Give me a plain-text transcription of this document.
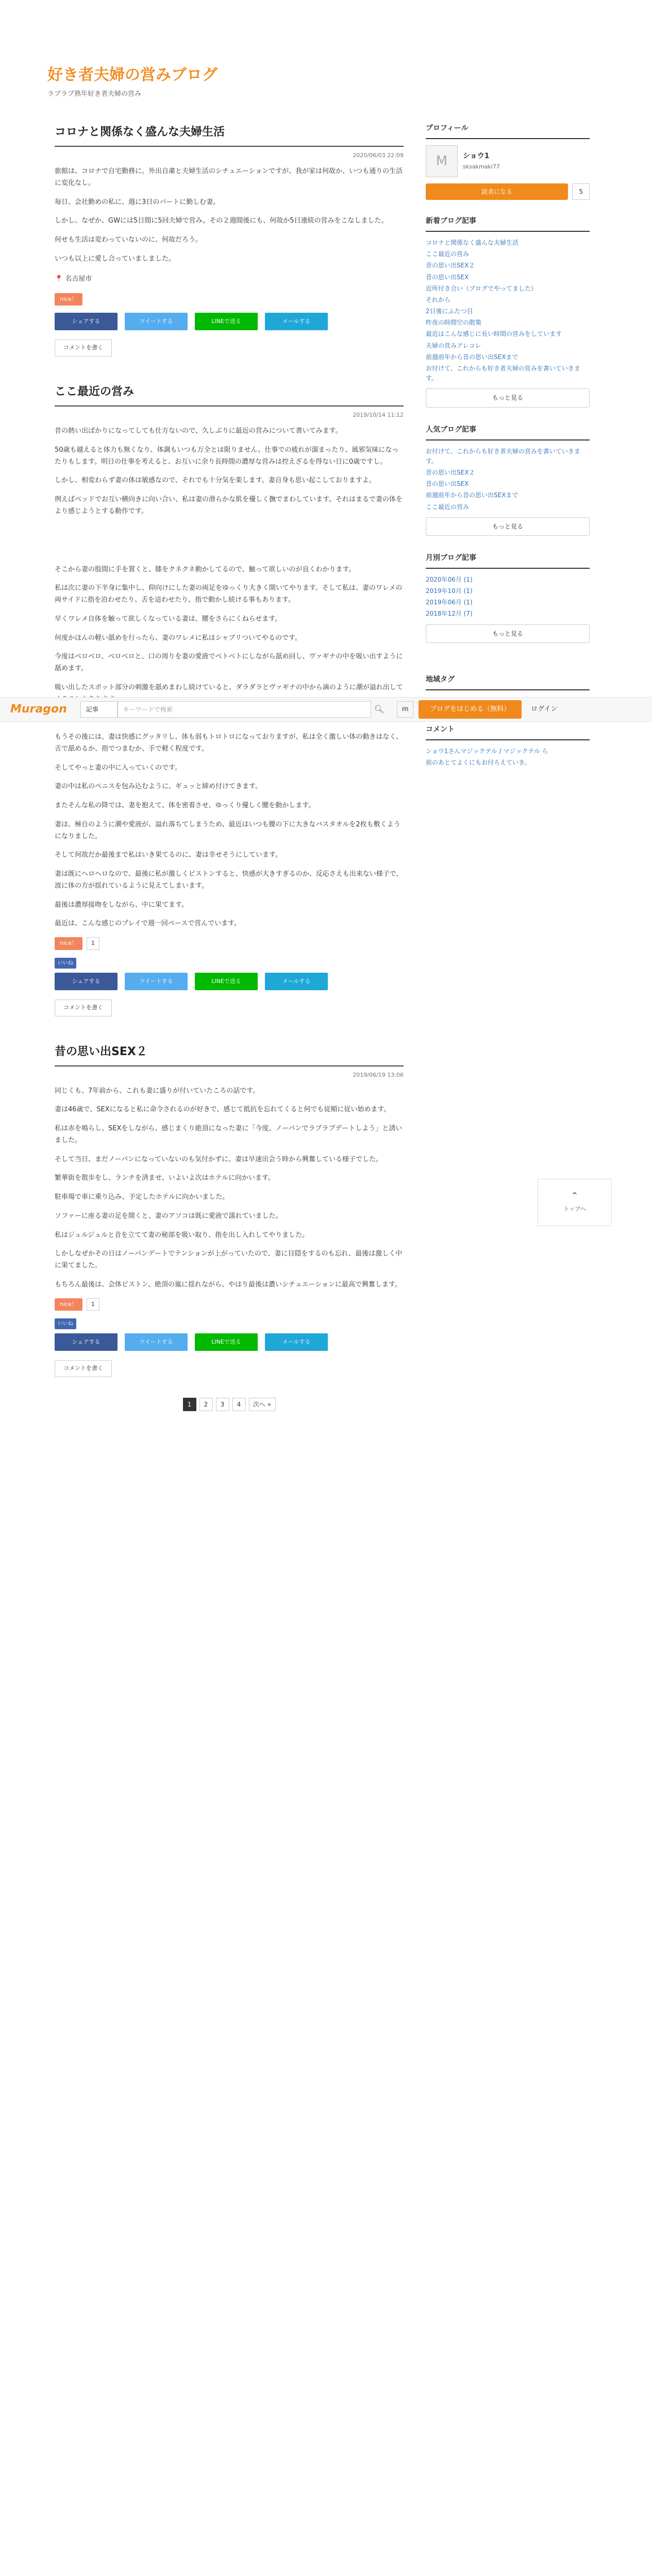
好き者夫婦の営みブログ
ラブラブ熟年好き者夫婦の営み
コロナと関係なく盛んな夫婦生活
2020/06/03 22:09

旅館は、コロナで自宅勤務に。外出自粛と夫婦生活のシチュエーションですが、我が家は何故か、いつも通りの生活に変化なし。

毎日、会社勤めの私に、週に3日のパートに勤しむ妻。

しかし、なぜか、GWには5日間に5回夫婦で営み。その２週間後にも、何故か5日連続の営みをこなしました。

何せも生活は変わっていないのに、何故だろう。

いつも以上に愛し合っていましました。

📍 名古屋市
nice！
シェアする	ツイートする	LINEで送る	メールする
コメントを書く
ここ最近の営み
2019/10/14 11:12

昔の熱い出ばかりになってしても仕方ないので、久しぶりに最近の営みについて書いてみます。

50歳も越えると体力も無くなり、体調もいつも万全とは限りません。仕事での疲れが溜まったり、風邪気味になったりもします。明日の仕事を考えると、お互いに余り長時間の濃厚な営みは控えざるを得ない日に0歳ですし。

しかし、相変わらず妻の体は敏感なので、それでも十分気を楽します。妻自身も思い起こしておりますよ。

例えばベッドでお互い横向きに向い合い、私は妻の滑らかな肌を優しく撫でまわしています。それはまるで妻の体をより感じようとする動作です。

そこから妻の股間に手を置くと、膝をクネクネ動かしてるので、触って欲しいのが良くわかります。

私は次に妻の下半身に集中し、仰向けにした妻の両足をゆっくり大きく開いてやります。そして私は、妻のワレメの両サイドに指を沿わせたり、舌を這わせたり、指で動かし続ける事もあります。

早くワレメ自体を触って欲しくなっている妻は、腰をさらにくねらせます。

何度かほんの軽い舐めを行ったら、妻のワレメに私はシャブリついてやるのです。

今度はベロベロ、ベロベロと、口の周りを妻の愛液でベトベトにしながら舐め回し、ヴァギナの中を吸い出すように舐めます。

吸い出したスポット部分の刺激を舐めまわし続けていると、ダラダラとヴァギナの中から滴のように潮が溢れ出して

もうその後には、妻は快感にグッタリし、体も弱もトロトロになっておりますが、私は全く激しい体の動きはなく、舌で舐めるか、指でつまむか、手で軽く程度です。

そしてやっと妻の中に入っていくのです。

妻の中は私のペニスを包み込むように、ギュッと締め付けてきます。

またそんな私の降では、妻を抱えて、体を密着させ、ゆっくり優しく腰を動かします。

妻は、極自のように潮や愛液が、溢れ落ちてしまうため、最近はいつも腰の下に大きなバスタオルを2枚も敷くようになりました。

そして何故だか最後まで私はいき果てるのに、妻は幸せそうにしています。

妻は既にヘロヘロなので、最後に私が激しくピストンすると、快感が大きすぎるのか、反応さえも出来ない様子で、波に体の方が揺れているように見えてしまいます。

最後は濃厚接吻をしながら、中に果てます。

最近は、こんな感じのプレイで週一回ペースで営んでいます。

nice！	1
いいね
シェアする	ツイートする	LINEで送る	メールする
コメントを書く
昔の思い出SEX２
2019/06/19 13:06

同じくも、7年前から、これも妻に盛りが付いていたころの話です。

妻は46歳で、SEXになると私に命令されるのが好きで、感じて抵抗を忘れてくると何でも従順に従い始めます。

私は赤を鳴らし、SEXをしながら、感じまくり絶頂になった妻に「今度、ノーパンでラブラブデートしよう」と誘いました。

そして当日、まだノーパンになっていないのも気付かずに、妻は早速出会う時から興奮している様子でした。

繁華街を散歩をし、ランチを済ませ、いよいよ次はホテルに向かいます。

駐車場で車に乗り込み、予定したホテルに向かいました。

ソファーに座る妻の足を開くと、妻のアソコは既に愛液で濡れていました。

私はジュルジュルと音を立てて妻の秘部を吸い取り、指を出し入れしてやりました。

しかしなぜかその日はノーパンデートでテンションが上がっていたので、妻に目隠をするのも忘れ、最後は激しく中に果てました。

もちろん最後は、会体ピストン、絶頂の嵐に揺れながら、やはり最後は濃いシチュエーションに最高で興奮します。

nice！	1
いいね
シェアする	ツイートする	LINEで送る	メールする
コメントを書く
1	2	3	4	次へ »
プロフィール
M	ショウ1
sksakmaki77
読者になる	5
新着ブログ記事
コロナと関係なく盛んな夫婦生活
ここ最近の営み
昔の思い出SEX２
昔の思い出SEX
近所付き合い（ブログでやってました）
それから
2日後にふたつ目
昨夜の時間空の散策
最近はこんな感じに長い時間の営みをしています
夫婦の営みアレコレ
前週前年から昔の思い出SEXまで
お付けて、これからも好き者夫婦の営みを書いていきます。
もっと見る
人気ブログ記事
お付けて、これからも好き者夫婦の営みを書いていきます。
昔の思い出SEX２
昔の思い出SEX
前週前年から昔の思い出SEXまで
ここ最近の営み
もっと見る
月別ブログ記事
2020年06月 (1)
2019年10月 (1)
2019年06月 (1)
2018年12月 (7)
もっと見る
地域タグ
コメント
ショウ1さんマジックテル / マジックテル ら
前のあとてよくにもお付ろえていき。
Muragon	記事	キーワードで検索	🔍︎	m	ブログをはじめる（無料）	ログイン
⌃
トップへ
